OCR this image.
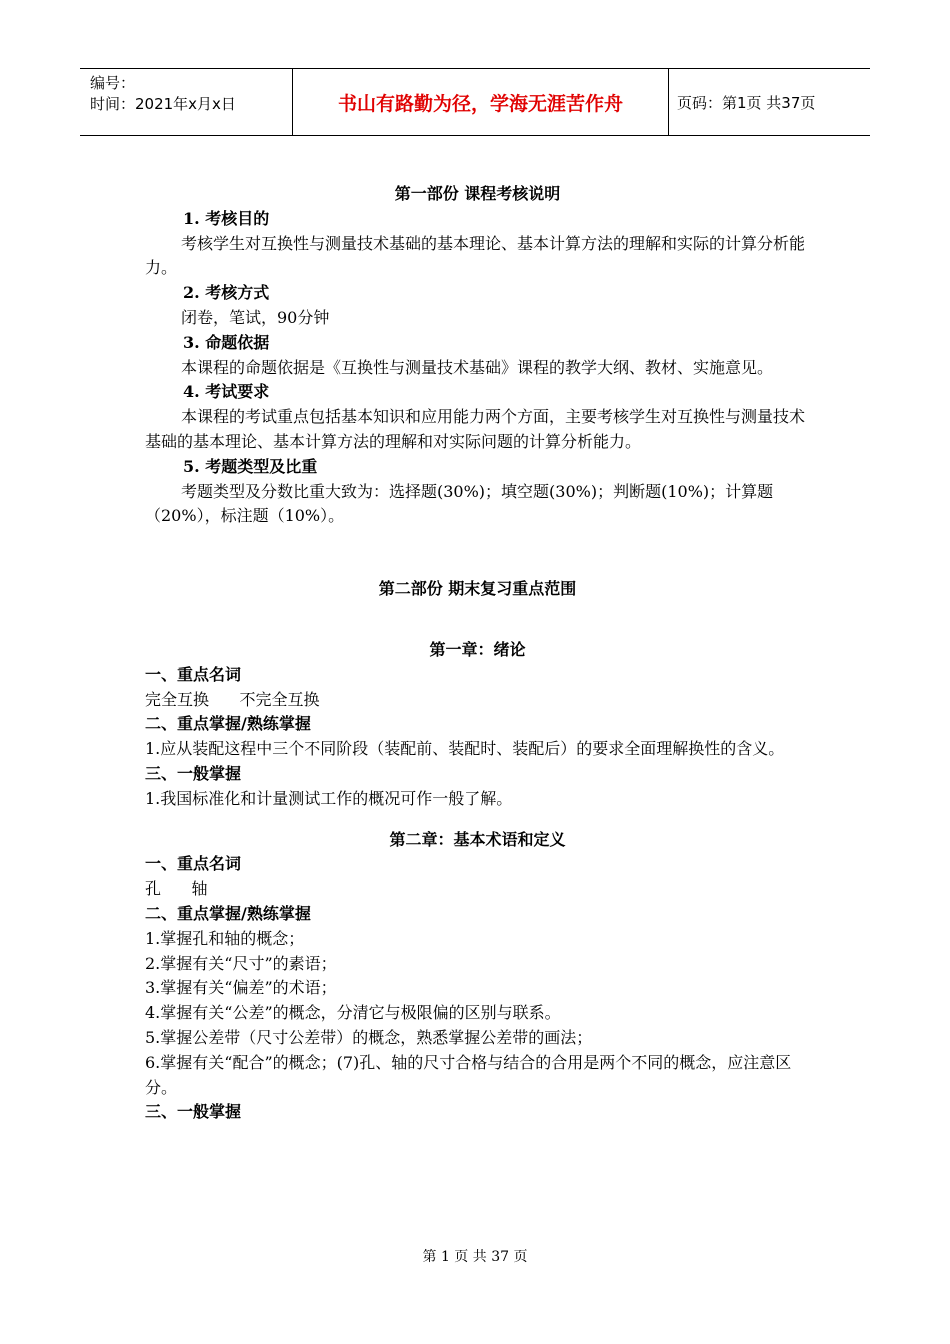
编号：
时间：2021年x月x日	书山有路勤为径，学海无涯苦作舟	页码：第1页 共37页

第一部份 课程考核说明

1. 考核目的

考核学生对互换性与测量技术基础的基本理论、基本计算方法的理解和实际的计算分析能力。

2. 考核方式

闭卷，笔试，90分钟

3. 命题依据

本课程的命题依据是《互换性与测量技术基础》课程的教学大纲、教材、实施意见。

4. 考试要求

本课程的考试重点包括基本知识和应用能力两个方面，主要考核学生对互换性与测量技术基础的基本理论、基本计算方法的理解和对实际问题的计算分析能力。

5. 考题类型及比重

考题类型及分数比重大致为：选择题(30%)；填空题(30%)；判断题(10%)；计算题（20%），标注题（10%）。

第二部份 期末复习重点范围

第一章：绪论

一、重点名词

完全互换      不完全互换

二、重点掌握/熟练掌握

1.应从装配这程中三个不同阶段（装配前、装配时、装配后）的要求全面理解换性的含义。

三、一般掌握

1.我国标准化和计量测试工作的概况可作一般了解。

第二章：基本术语和定义

一、重点名词

孔      轴

二、重点掌握/熟练掌握

1.掌握孔和轴的概念；

2.掌握有关“尺寸”的素语；

3.掌握有关“偏差”的术语；

4.掌握有关“公差”的概念，分清它与极限偏的区别与联系。

5.掌握公差带（尺寸公差带）的概念，熟悉掌握公差带的画法；

6.掌握有关“配合”的概念；(7)孔、轴的尺寸合格与结合的合用是两个不同的概念，应注意区分。

三、一般掌握

第 1 页 共 37 页
